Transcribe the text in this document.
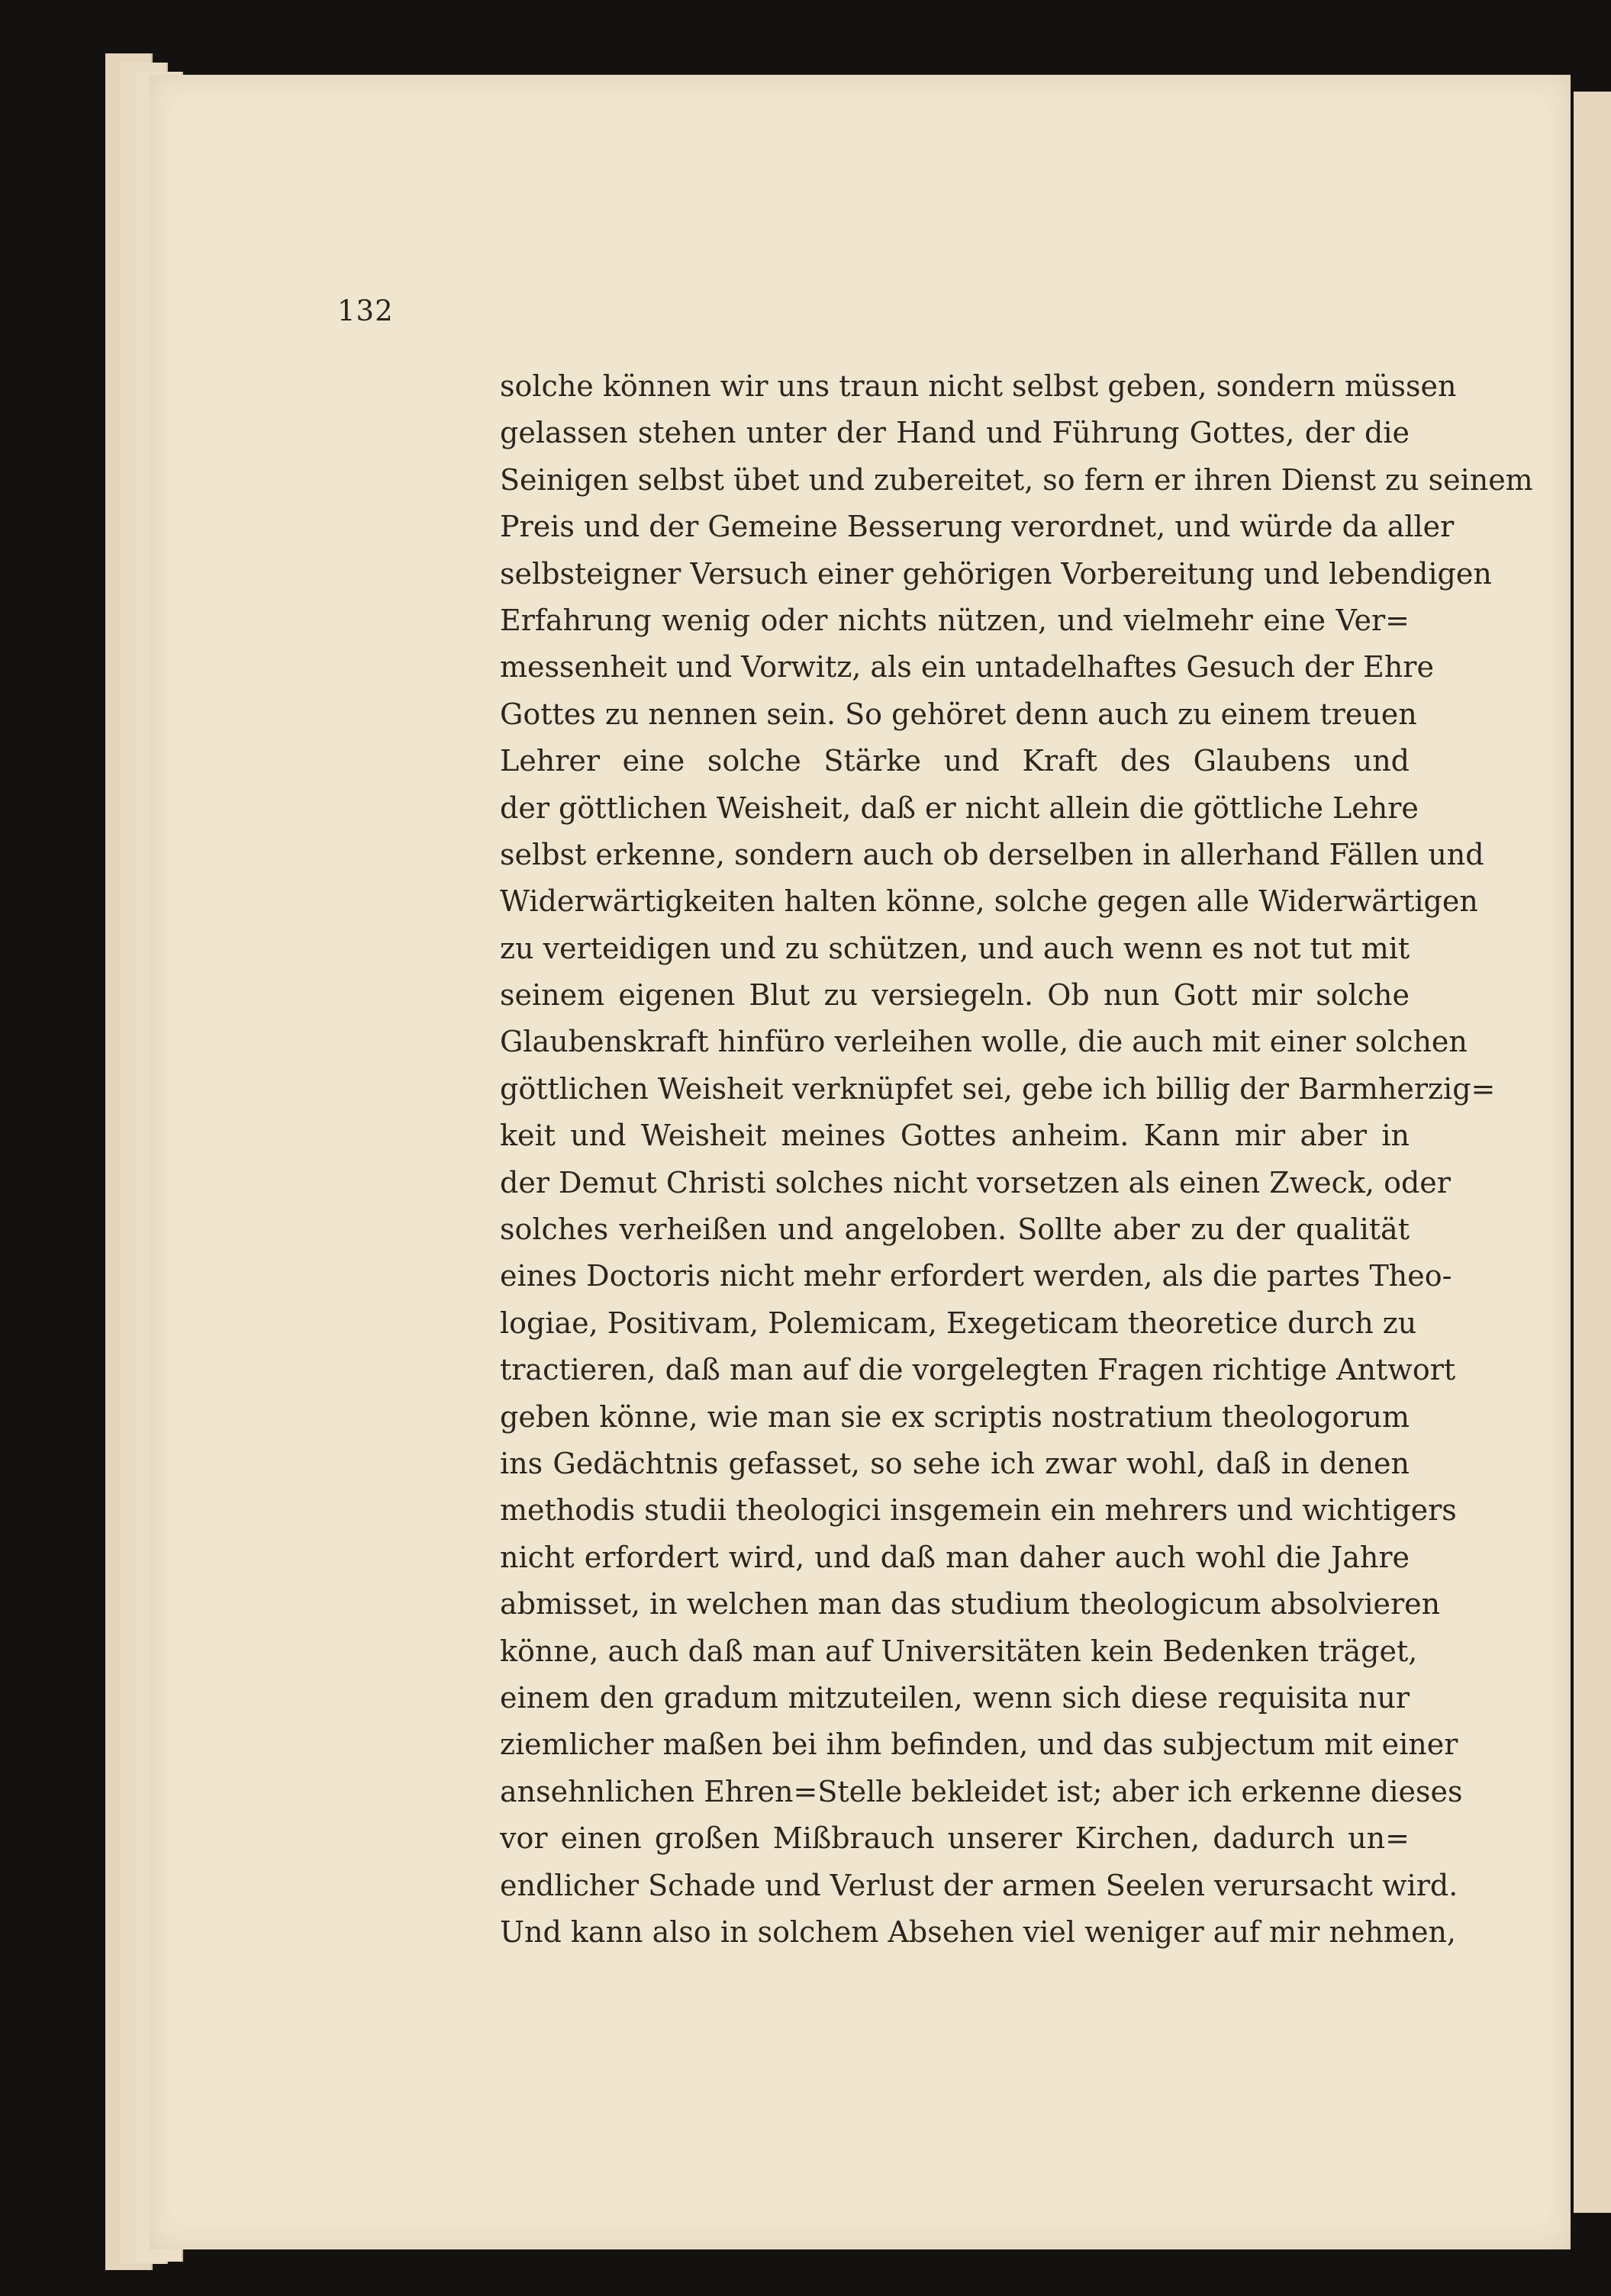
132
solche können wir uns traun nicht selbst geben, sondern müssen
gelassen stehen unter der Hand und Führung Gottes, der die
Seinigen selbst übet und zubereitet, so fern er ihren Dienst zu seinem
Preis und der Gemeine Besserung verordnet, und würde da aller
selbsteigner Versuch einer gehörigen Vorbereitung und lebendigen
Erfahrung wenig oder nichts nützen, und vielmehr eine Ver=
messenheit und Vorwitz, als ein untadelhaftes Gesuch der Ehre
Gottes zu nennen sein. So gehöret denn auch zu einem treuen
Lehrer eine solche Stärke und Kraft des Glaubens und
der göttlichen Weisheit, daß er nicht allein die göttliche Lehre
selbst erkenne, sondern auch ob derselben in allerhand Fällen und
Widerwärtigkeiten halten könne, solche gegen alle Widerwärtigen
zu verteidigen und zu schützen, und auch wenn es not tut mit
seinem eigenen Blut zu versiegeln. Ob nun Gott mir solche
Glaubenskraft hinfüro verleihen wolle, die auch mit einer solchen
göttlichen Weisheit verknüpfet sei, gebe ich billig der Barmherzig=
keit und Weisheit meines Gottes anheim. Kann mir aber in
der Demut Christi solches nicht vorsetzen als einen Zweck, oder
solches verheißen und angeloben. Sollte aber zu der qualität
eines Doctoris nicht mehr erfordert werden, als die partes Theo-
logiae, Positivam, Polemicam, Exegeticam theoretice durch zu
tractieren, daß man auf die vorgelegten Fragen richtige Antwort
geben könne, wie man sie ex scriptis nostratium theologorum
ins Gedächtnis gefasset, so sehe ich zwar wohl, daß in denen
methodis studii theologici insgemein ein mehrers und wichtigers
nicht erfordert wird, und daß man daher auch wohl die Jahre
abmisset, in welchen man das studium theologicum absolvieren
könne, auch daß man auf Universitäten kein Bedenken träget,
einem den gradum mitzuteilen, wenn sich diese requisita nur
ziemlicher maßen bei ihm befinden, und das subjectum mit einer
ansehnlichen Ehren=Stelle bekleidet ist; aber ich erkenne dieses
vor einen großen Mißbrauch unserer Kirchen, dadurch un=
endlicher Schade und Verlust der armen Seelen verursacht wird.
Und kann also in solchem Absehen viel weniger auf mir nehmen,
